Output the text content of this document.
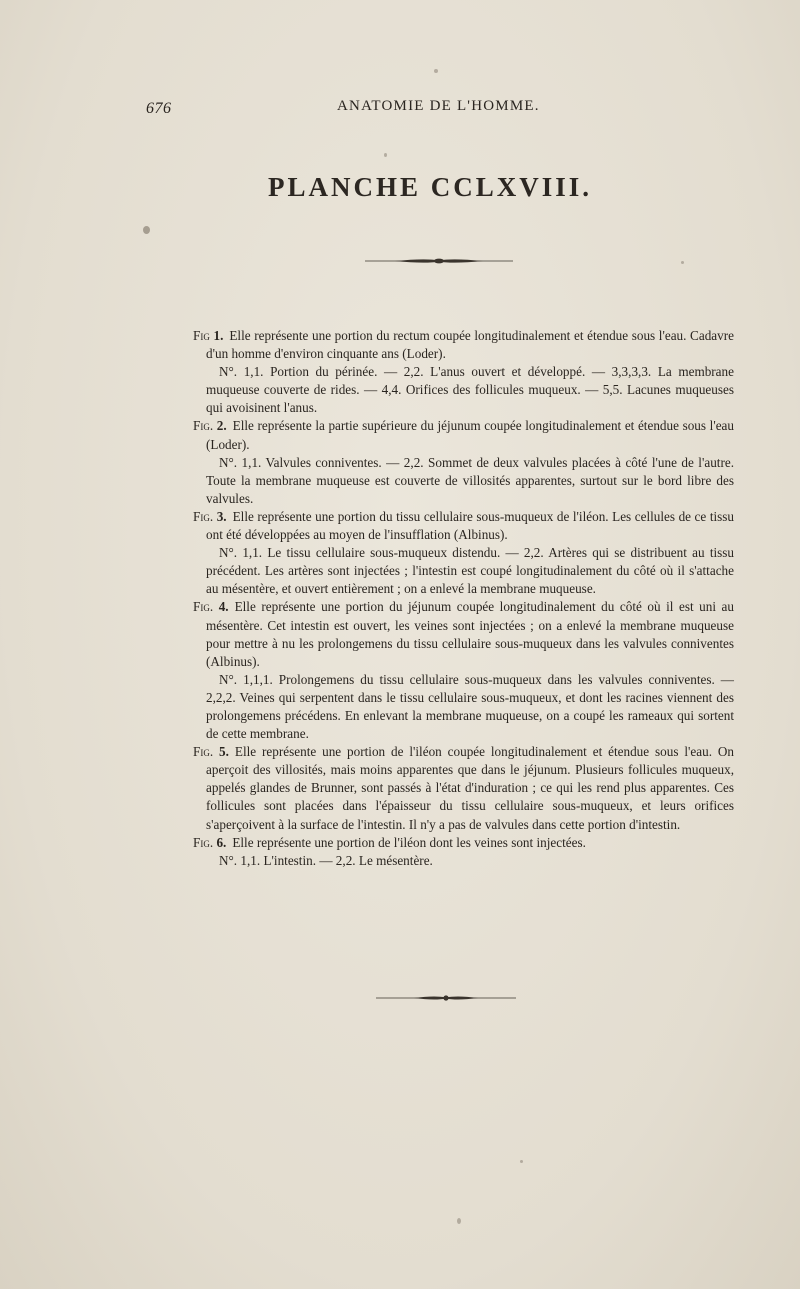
676	ANATOMIE DE L'HOMME.
PLANCHE CCLXVIII.

Fig 1. Elle représente une portion du rectum coupée longitudinalement et étendue sous l'eau. Cadavre d'un homme d'environ cinquante ans (Loder).

N°. 1,1. Portion du périnée. — 2,2. L'anus ouvert et développé. — 3,3,3,3. La membrane muqueuse couverte de rides. — 4,4. Orifices des follicules muqueux. — 5,5. Lacunes muqueuses qui avoisinent l'anus.

Fig. 2. Elle représente la partie supérieure du jéjunum coupée longitudinalement et étendue sous l'eau (Loder).

N°. 1,1. Valvules conniventes. — 2,2. Sommet de deux valvules placées à côté l'une de l'autre. Toute la membrane muqueuse est couverte de villosités apparentes, surtout sur le bord libre des valvules.

Fig. 3. Elle représente une portion du tissu cellulaire sous-muqueux de l'iléon. Les cellules de ce tissu ont été développées au moyen de l'insufflation (Albinus).

N°. 1,1. Le tissu cellulaire sous-muqueux distendu. — 2,2. Artères qui se distribuent au tissu précédent. Les artères sont injectées ; l'intestin est coupé longitudinalement du côté où il s'attache au mésentère, et ouvert entièrement ; on a enlevé la membrane muqueuse.

Fig. 4. Elle représente une portion du jéjunum coupée longitudinalement du côté où il est uni au mésentère. Cet intestin est ouvert, les veines sont injectées ; on a enlevé la membrane muqueuse pour mettre à nu les prolongemens du tissu cellulaire sous-muqueux dans les valvules conniventes (Albinus).

N°. 1,1,1. Prolongemens du tissu cellulaire sous-muqueux dans les valvules conniventes. — 2,2,2. Veines qui serpentent dans le tissu cellulaire sous-muqueux, et dont les racines viennent des prolongemens précédens. En enlevant la membrane muqueuse, on a coupé les rameaux qui sortent de cette membrane.

Fig. 5. Elle représente une portion de l'iléon coupée longitudinalement et étendue sous l'eau. On aperçoit des villosités, mais moins apparentes que dans le jéjunum. Plusieurs follicules muqueux, appelés glandes de Brunner, sont passés à l'état d'induration ; ce qui les rend plus apparentes. Ces follicules sont placées dans l'épaisseur du tissu cellulaire sous-muqueux, et leurs orifices s'aperçoivent à la surface de l'intestin. Il n'y a pas de valvules dans cette portion d'intestin.

Fig. 6. Elle représente une portion de l'iléon dont les veines sont injectées.

N°. 1,1. L'intestin. — 2,2. Le mésentère.
